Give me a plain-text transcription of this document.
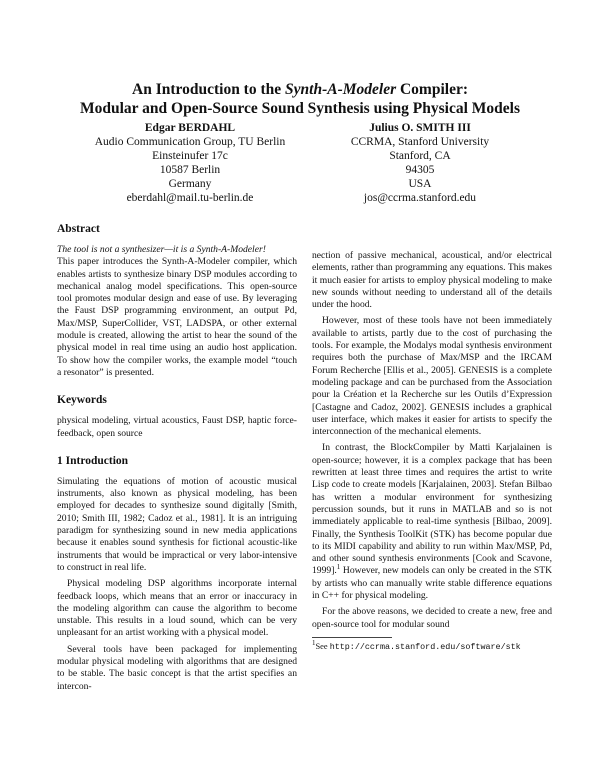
An Introduction to the Synth-A-Modeler Compiler:
Modular and Open-Source Sound Synthesis using Physical Models
Edgar BERDAHL
Audio Communication Group, TU Berlin
Einsteinufer 17c
10587 Berlin
Germany
eberdahl@mail.tu-berlin.de
Julius O. SMITH III
CCRMA, Stanford University
Stanford, CA
94305
USA
jos@ccrma.stanford.edu
Abstract

The tool is not a synthesizer—it is a Synth-A-Modeler!
This paper introduces the Synth-A-Modeler compiler, which enables artists to synthesize binary DSP modules according to mechanical analog model specifications. This open-source tool promotes modular design and ease of use. By leveraging the Faust DSP programming environment, an output Pd, Max/MSP, SuperCollider, VST, LADSPA, or other external module is created, allowing the artist to hear the sound of the physical model in real time using an audio host application. To show how the compiler works, the example model “touch a resonator” is presented.

Keywords

physical modeling, virtual acoustics, Faust DSP, haptic force-feedback, open source

1 Introduction

Simulating the equations of motion of acoustic musical instruments, also known as physical modeling, has been employed for decades to synthesize sound digitally [Smith, 2010; Smith III, 1982; Cadoz et al., 1981]. It is an intriguing paradigm for synthesizing sound in new media applications because it enables sound synthesis for fictional acoustic-like instruments that would be impractical or very labor-intensive to construct in real life.

Physical modeling DSP algorithms incorporate internal feedback loops, which means that an error or inaccuracy in the modeling algorithm can cause the algorithm to become unstable. This results in a loud sound, which can be very unpleasant for an artist working with a physical model.

Several tools have been packaged for implementing modular physical modeling with algorithms that are designed to be stable. The basic concept is that the artist specifies an intercon-

nection of passive mechanical, acoustical, and/or electrical elements, rather than programming any equations. This makes it much easier for artists to employ physical modeling to make new sounds without needing to understand all of the details under the hood.

However, most of these tools have not been immediately available to artists, partly due to the cost of purchasing the tools. For example, the Modalys modal synthesis environment requires both the purchase of Max/MSP and the IRCAM Forum Recherche [Ellis et al., 2005]. GENESIS is a complete modeling package and can be purchased from the Association pour la Création et la Recherche sur les Outils d’Expression [Castagne and Cadoz, 2002]. GENESIS includes a graphical user interface, which makes it easier for artists to specify the interconnection of the mechanical elements.

In contrast, the BlockCompiler by Matti Karjalainen is open-source; however, it is a complex package that has been rewritten at least three times and requires the artist to write Lisp code to create models [Karjalainen, 2003]. Stefan Bilbao has written a modular environment for synthesizing percussion sounds, but it runs in MATLAB and so is not immediately applicable to real-time synthesis [Bilbao, 2009]. Finally, the Synthesis ToolKit (STK) has become popular due to its MIDI capability and ability to run within Max/MSP, Pd, and other sound synthesis environments [Cook and Scavone, 1999].$^1$ However, new models can only be created in the STK by artists who can manually write stable difference equations in C++ for physical modeling.

For the above reasons, we decided to create a new, free and open-source tool for modular sound

$^1$See http://ccrma.stanford.edu/software/stk
